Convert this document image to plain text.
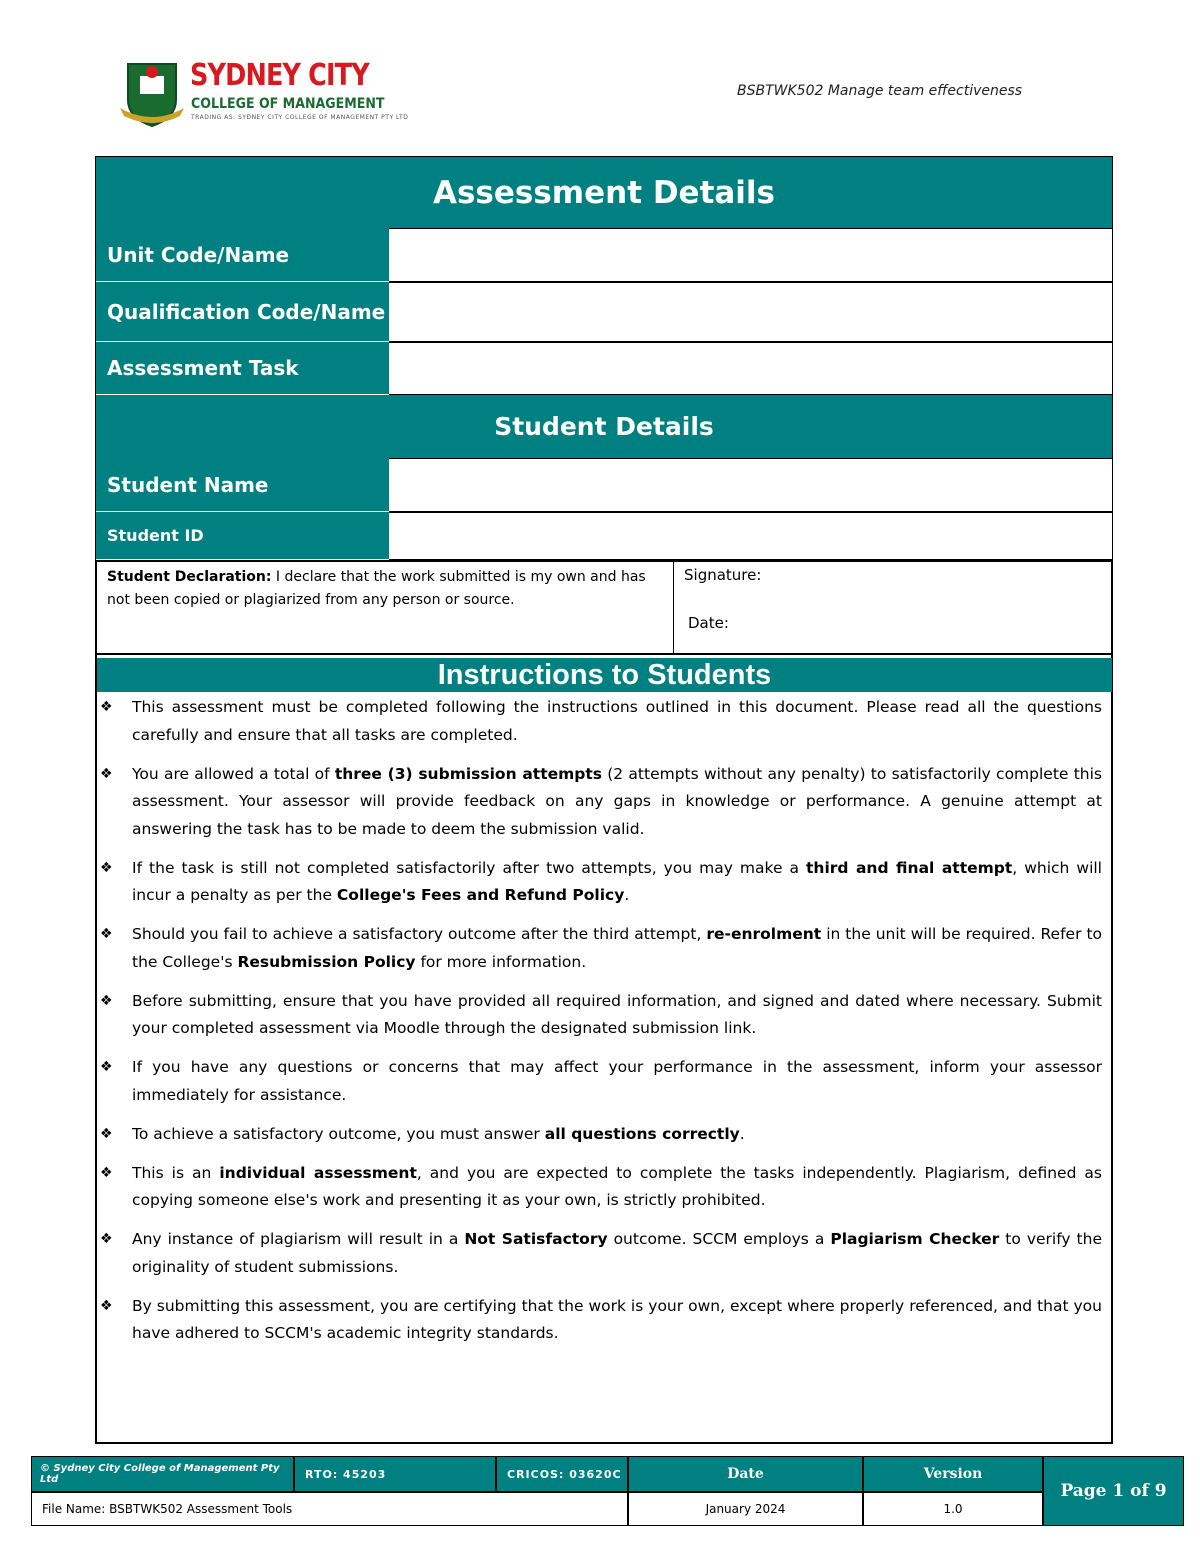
SYDNEY CITY
COLLEGE OF MANAGEMENT
TRADING AS: SYDNEY CITY COLLEGE OF MANAGEMENT PTY LTD
BSBTWK502 Manage team effectiveness
Assessment Details
Unit Code/Name
Qualification Code/Name
Assessment Task
Student Details
Student Name
Student ID
Student Declaration: I declare that the work submitted is my own and has not been copied or plagiarized from any person or source.
Signature:
Date:
Instructions to Students
❖	This assessment must be completed following the instructions outlined in this document. Please read all the questions carefully and ensure that all tasks are completed.
❖	You are allowed a total of three (3) submission attempts (2 attempts without any penalty) to satisfactorily complete this assessment. Your assessor will provide feedback on any gaps in knowledge or performance. A genuine attempt at answering the task has to be made to deem the submission valid.
❖	If the task is still not completed satisfactorily after two attempts, you may make a third and final attempt, which will incur a penalty as per the College's Fees and Refund Policy.
❖	Should you fail to achieve a satisfactory outcome after the third attempt, re-enrolment in the unit will be required. Refer to the College's Resubmission Policy for more information.
❖	Before submitting, ensure that you have provided all required information, and signed and dated where necessary. Submit your completed assessment via Moodle through the designated submission link.
❖	If you have any questions or concerns that may affect your performance in the assessment, inform your assessor immediately for assistance.
❖	To achieve a satisfactory outcome, you must answer all questions correctly.
❖	This is an individual assessment, and you are expected to complete the tasks independently. Plagiarism, defined as copying someone else's work and presenting it as your own, is strictly prohibited.
❖	Any instance of plagiarism will result in a Not Satisfactory outcome. SCCM employs a Plagiarism Checker to verify the originality of student submissions.
❖	By submitting this assessment, you are certifying that the work is your own, except where properly referenced, and that you have adhered to SCCM's academic integrity standards.
© Sydney City College of Management Pty Ltd	RTO: 45203	CRICOS: 03620C	Date	Version
File Name: BSBTWK502 Assessment Tools	January 2024	1.0
Page 1 of 9
